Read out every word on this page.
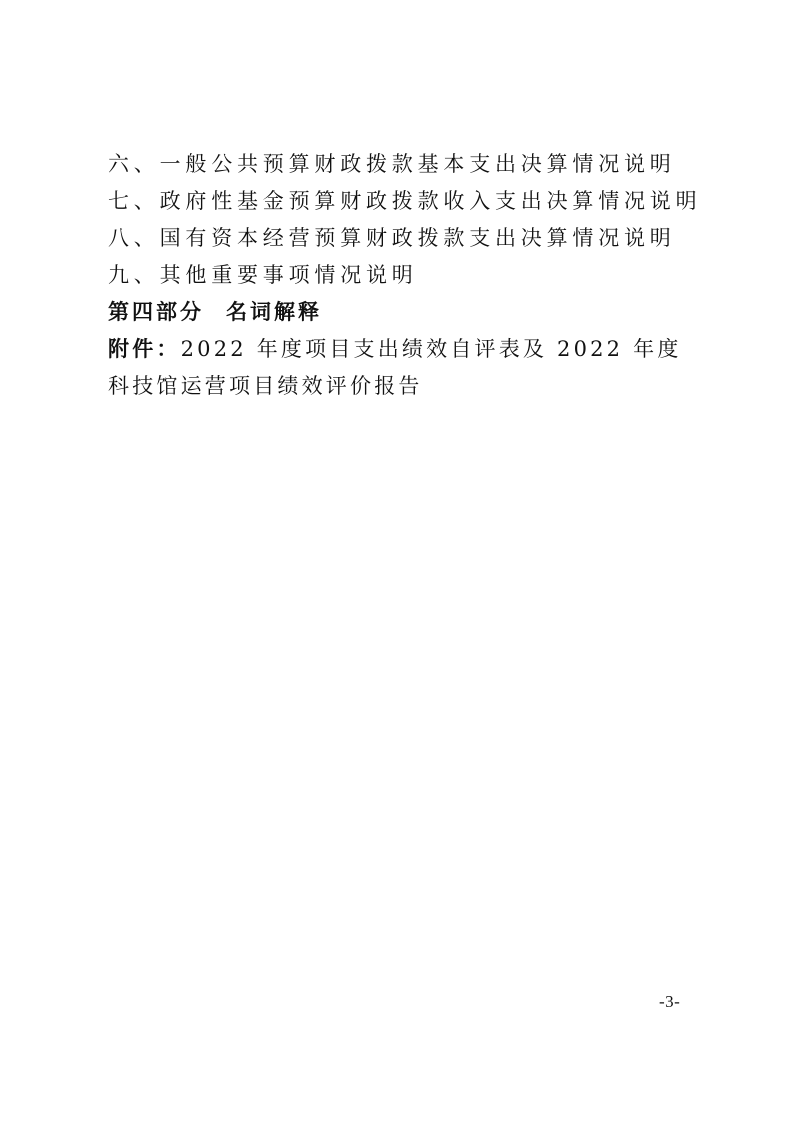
六、一般公共预算财政拨款基本支出决算情况说明

七、政府性基金预算财政拨款收入支出决算情况说明

八、国有资本经营预算财政拨款支出决算情况说明

九、其他重要事项情况说明

第四部分 名词解释

附件：2022 年度项目支出绩效自评表及 2022 年度科技馆运营项目绩效评价报告

-3-
